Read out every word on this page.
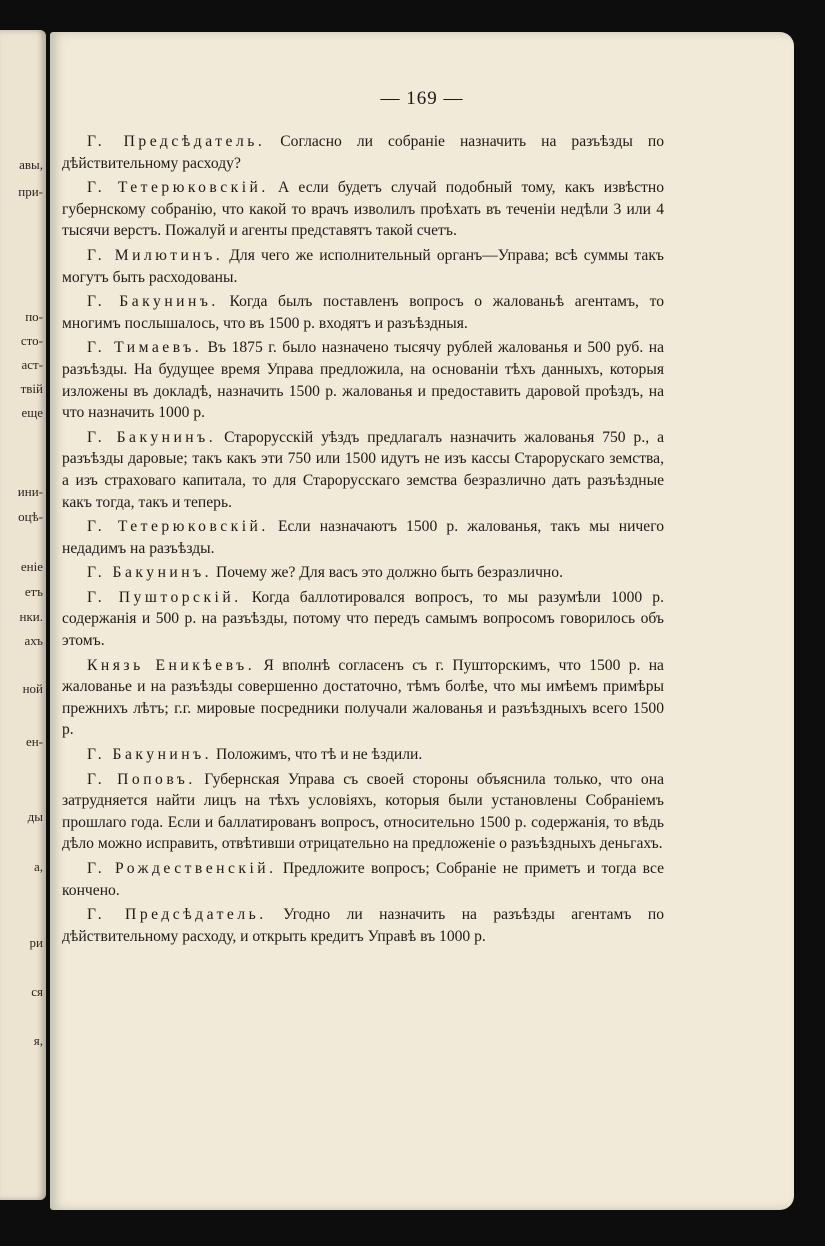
авы,
при-
по-
сто-
аст-
твій
еще
ини-
оцѣ-
еніе
етъ
нки.
ахъ
ной
ен-
ды
а,
ри
ся
я,
— 169 —

Г. Предсѣдатель. Согласно ли собраніе назначить на разъѣзды по дѣйствительному расходу?

Г. Тетерюковскій. А если будетъ случай подобный тому, какъ извѣстно губернскому собранію, что какой то врачъ изволилъ проѣхать въ теченіи недѣли 3 или 4 тысячи верстъ. Пожалуй и агенты представятъ такой счетъ.

Г. Милютинъ. Для чего же исполнительный органъ—Управа; всѣ суммы такъ могутъ быть расходованы.

Г. Бакунинъ. Когда былъ поставленъ вопросъ о жалованьѣ агентамъ, то многимъ послышалось, что въ 1500 р. входятъ и разъѣздныя.

Г. Тимаевъ. Въ 1875 г. было назначено тысячу рублей жалованья и 500 руб. на разъѣзды. На будущее время Управа предложила, на основаніи тѣхъ данныхъ, которыя изложены въ докладѣ, назначить 1500 р. жалованья и предоставить даровой проѣздъ, на что назначить 1000 р.

Г. Бакунинъ. Старорусскій уѣздъ предлагалъ назначить жалованья 750 р., а разъѣзды даровые; такъ какъ эти 750 или 1500 идутъ не изъ кассы Старорускаго земства, а изъ страховаго капитала, то для Старорусскаго земства безразлично дать разъѣздные какъ тогда, такъ и теперь.

Г. Тетерюковскій. Если назначаютъ 1500 р. жалованья, такъ мы ничего недадимъ на разъѣзды.

Г. Бакунинъ. Почему же? Для васъ это должно быть безразлично.

Г. Пушторскій. Когда баллотировался вопросъ, то мы разумѣли 1000 р. содержанія и 500 р. на разъѣзды, потому что передъ самымъ вопросомъ говорилось объ этомъ.

Князь Еникѣевъ. Я вполнѣ согласенъ съ г. Пушторскимъ, что 1500 р. на жалованье и на разъѣзды совершенно достаточно, тѣмъ болѣе, что мы имѣемъ примѣры прежнихъ лѣтъ; г.г. мировые посредники получали жалованья и разъѣздныхъ всего 1500 р.

Г. Бакунинъ. Положимъ, что тѣ и не ѣздили.

Г. Поповъ. Губернская Управа съ своей стороны объяснила только, что она затрудняется найти лицъ на тѣхъ условіяхъ, которыя были установлены Собраніемъ прошлаго года. Если и баллатированъ вопросъ, относительно 1500 р. содержанія, то вѣдь дѣло можно исправить, отвѣтивши отрицательно на предложеніе о разъѣздныхъ деньгахъ.

Г. Рождественскій. Предложите вопросъ; Собраніе не приметъ и тогда все кончено.

Г. Предсѣдатель. Угодно ли назначить на разъѣзды агентамъ по дѣйствительному расходу, и открыть кредитъ Управѣ въ 1000 р.
